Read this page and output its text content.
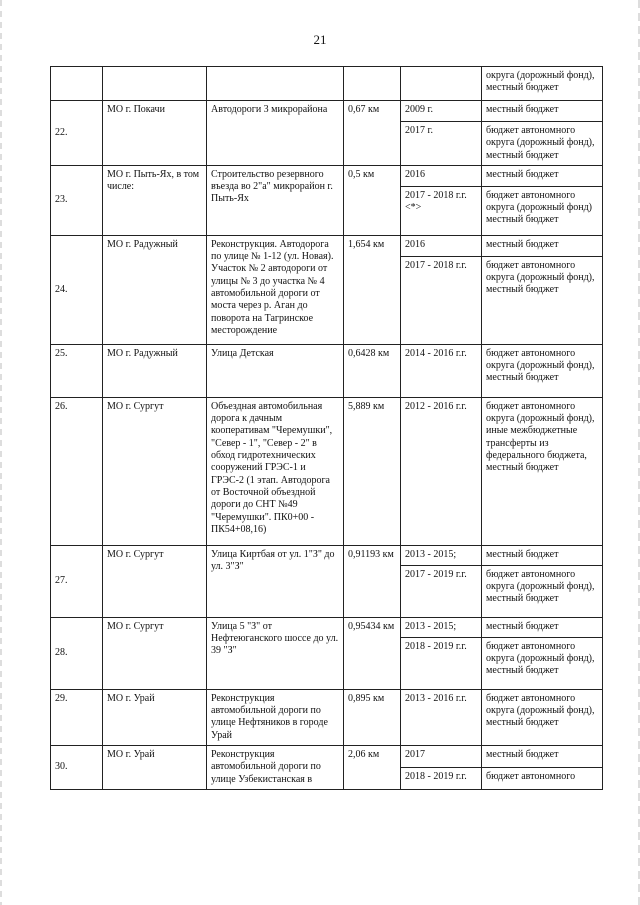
21
					округа (дорожный фонд), местный бюджет
22.	МО г. Покачи	Автодороги 3 микрорайона	0,67 км	2009 г.	местный бюджет
				2017 г.	бюджет автономного округа (дорожный фонд), местный бюджет
23.	МО г. Пыть-Ях, в том числе:	Строительство резервного въезда во 2"а" микрорайон г. Пыть-Ях	0,5 км	2016	местный бюджет
				2017 - 2018 г.г. <*>	бюджет автономного округа (дорожный фонд) местный бюджет
24.	МО г. Радужный	Реконструкция. Автодорога по улице № 1-12 (ул. Новая). Участок № 2 автодороги от улицы № 3 до участка № 4 автомобильной дороги от моста через р. Аган до поворота на Тагринское месторождение	1,654 км	2016	местный бюджет
				2017 - 2018 г.г.	бюджет автономного округа (дорожный фонд), местный бюджет
25.	МО г. Радужный	Улица Детская	0,6428 км	2014 - 2016 г.г.	бюджет автономного округа (дорожный фонд), местный бюджет
26.	МО г. Сургут	Объездная автомобильная дорога к дачным кооперативам "Черемушки", "Север - 1", "Север - 2" в обход гидротехнических сооружений ГРЭС-1 и ГРЭС-2 (1 этап. Автодорога от Восточной объездной дороги до СНТ №49 "Черемушки". ПК0+00 - ПК54+08,16)	5,889 км	2012 - 2016 г.г.	бюджет автономного округа (дорожный фонд), иные межбюджетные трансферты из федерального бюджета, местный бюджет
27.	МО г. Сургут	Улица Киртбая от ул. 1"З" до ул. 3"З"	0,91193 км	2013 - 2015;	местный бюджет
				2017 - 2019 г.г.	бюджет автономного округа (дорожный фонд), местный бюджет
28.	МО г. Сургут	Улица 5 "З" от Нефтеюганского шоссе до ул. 39 "З"	0,95434 км	2013 - 2015;	местный бюджет
				2018 - 2019 г.г.	бюджет автономного округа (дорожный фонд), местный бюджет
29.	МО г. Урай	Реконструкция автомобильной дороги по улице Нефтяников в городе Урай	0,895 км	2013 - 2016 г.г.	бюджет автономного округа (дорожный фонд), местный бюджет
30.	МО г. Урай	Реконструкция автомобильной дороги по улице Узбекистанская в	2,06 км	2017	местный бюджет
				2018 - 2019 г.г.	бюджет автономного
